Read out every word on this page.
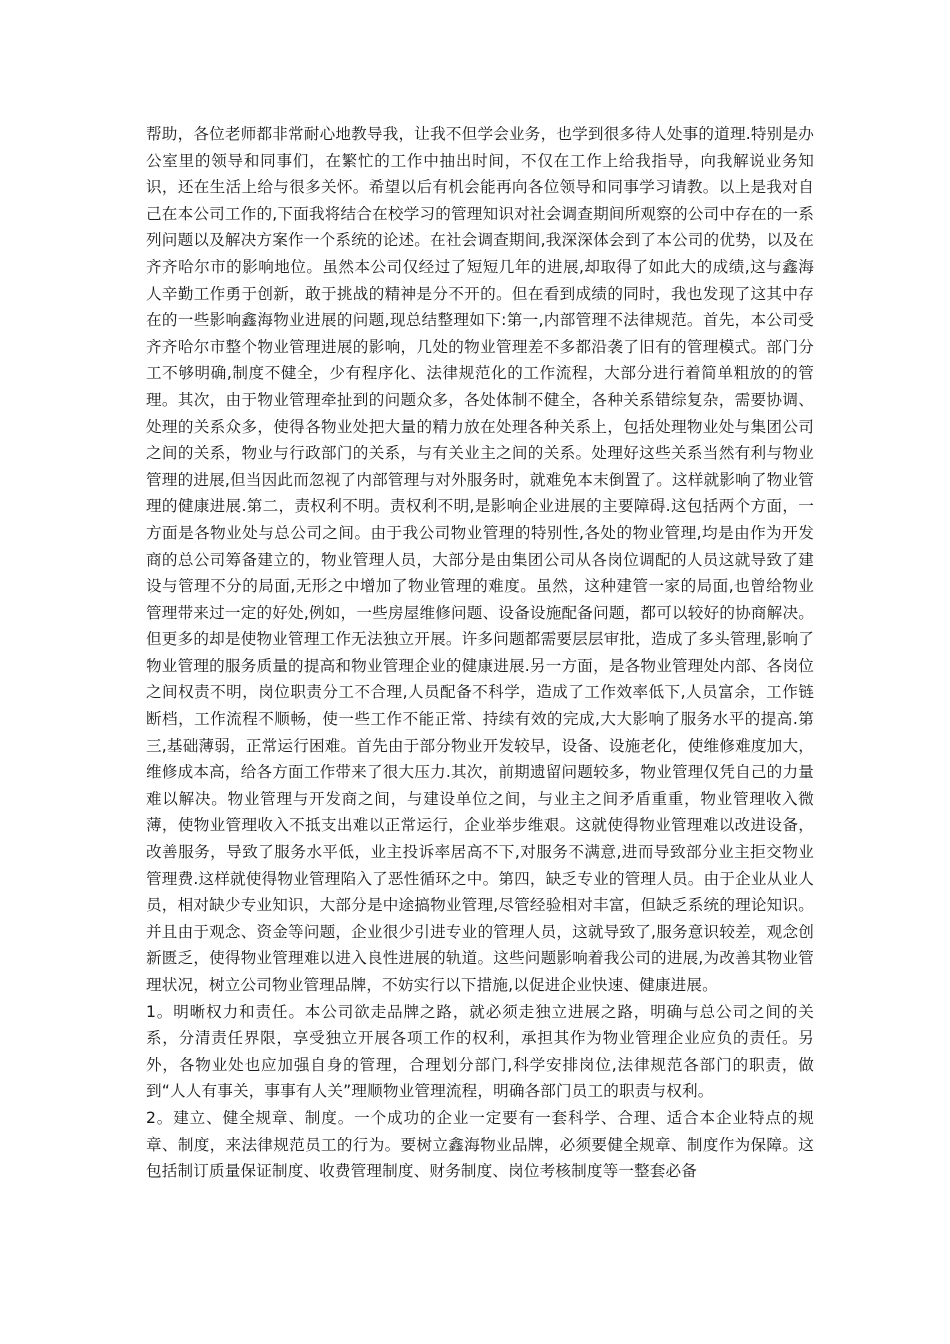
帮助，各位老师都非常耐心地教导我，让我不但学会业务，也学到很多待人处事的道理.特别是办公室里的领导和同事们，在繁忙的工作中抽出时间，不仅在工作上给我指导，向我解说业务知识，还在生活上给与很多关怀。希望以后有机会能再向各位领导和同事学习请教。以上是我对自己在本公司工作的,下面我将结合在校学习的管理知识对社会调查期间所观察的公司中存在的一系列问题以及解决方案作一个系统的论述。在社会调查期间,我深深体会到了本公司的优势，以及在齐齐哈尔市的影响地位。虽然本公司仅经过了短短几年的进展,却取得了如此大的成绩,这与鑫海人辛勤工作勇于创新，敢于挑战的精神是分不开的。但在看到成绩的同时，我也发现了这其中存在的一些影响鑫海物业进展的问题,现总结整理如下:第一,内部管理不法律规范。首先，本公司受齐齐哈尔市整个物业管理进展的影响，几处的物业管理差不多都沿袭了旧有的管理模式。部门分工不够明确,制度不健全，少有程序化、法律规范化的工作流程，大部分进行着简单粗放的的管理。其次，由于物业管理牵扯到的问题众多，各处体制不健全，各种关系错综复杂，需要协调、处理的关系众多，使得各物业处把大量的精力放在处理各种关系上，包括处理物业处与集团公司之间的关系，物业与行政部门的关系，与有关业主之间的关系。处理好这些关系当然有利与物业管理的进展,但当因此而忽视了内部管理与对外服务时，就难免本末倒置了。这样就影响了物业管理的健康进展.第二，责权利不明。责权利不明,是影响企业进展的主要障碍.这包括两个方面，一方面是各物业处与总公司之间。由于我公司物业管理的特别性,各处的物业管理,均是由作为开发商的总公司筹备建立的，物业管理人员，大部分是由集团公司从各岗位调配的人员这就导致了建设与管理不分的局面,无形之中增加了物业管理的难度。虽然，这种建管一家的局面,也曾给物业管理带来过一定的好处,例如，一些房屋维修问题、设备设施配备问题，都可以较好的协商解决。但更多的却是使物业管理工作无法独立开展。许多问题都需要层层审批，造成了多头管理,影响了物业管理的服务质量的提高和物业管理企业的健康进展.另一方面，是各物业管理处内部、各岗位之间权责不明，岗位职责分工不合理,人员配备不科学，造成了工作效率低下,人员富余，工作链断档，工作流程不顺畅，使一些工作不能正常、持续有效的完成,大大影响了服务水平的提高.第三,基础薄弱，正常运行困难。首先由于部分物业开发较早，设备、设施老化，使维修难度加大，维修成本高，给各方面工作带来了很大压力.其次，前期遗留问题较多，物业管理仅凭自己的力量难以解决。物业管理与开发商之间，与建设单位之间，与业主之间矛盾重重，物业管理收入微薄，使物业管理收入不抵支出难以正常运行，企业举步维艰。这就使得物业管理难以改进设备，改善服务，导致了服务水平低，业主投诉率居高不下,对服务不满意,进而导致部分业主拒交物业管理费.这样就使得物业管理陷入了恶性循环之中。第四，缺乏专业的管理人员。由于企业从业人员，相对缺少专业知识，大部分是中途搞物业管理,尽管经验相对丰富，但缺乏系统的理论知识。并且由于观念、资金等问题，企业很少引进专业的管理人员，这就导致了,服务意识较差，观念创新匮乏，使得物业管理难以进入良性进展的轨道。这些问题影响着我公司的进展,为改善其物业管理状况，树立公司物业管理品牌，不妨实行以下措施,以促进企业快速、健康进展。

1。明晰权力和责任。本公司欲走品牌之路，就必须走独立进展之路，明确与总公司之间的关系，分清责任界限，享受独立开展各项工作的权利，承担其作为物业管理企业应负的责任。另外，各物业处也应加强自身的管理，合理划分部门,科学安排岗位,法律规范各部门的职责，做到“人人有事关，事事有人关”理顺物业管理流程，明确各部门员工的职责与权利。

2。建立、健全规章、制度。一个成功的企业一定要有一套科学、合理、适合本企业特点的规章、制度，来法律规范员工的行为。要树立鑫海物业品牌，必须要健全规章、制度作为保障。这包括制订质量保证制度、收费管理制度、财务制度、岗位考核制度等一整套必备
